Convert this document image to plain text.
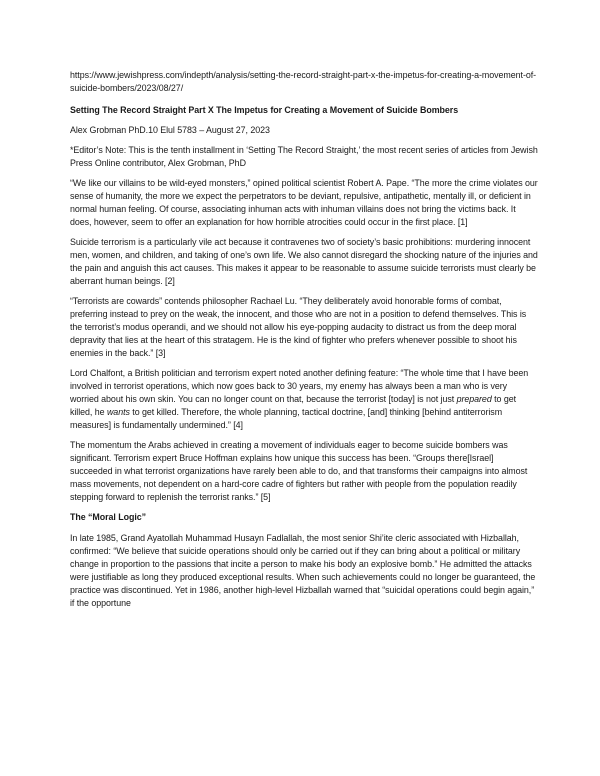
https://www.jewishpress.com/indepth/analysis/setting-the-record-straight-part-x-the-impetus-for-creating-a-movement-of-suicide-bombers/2023/08/27/
Setting The Record Straight Part X The Impetus for Creating a Movement of Suicide Bombers
Alex Grobman PhD.10 Elul 5783 – August 27, 2023

*Editor’s Note: This is the tenth installment in ‘Setting The Record Straight,’ the most recent series of articles from Jewish Press Online contributor, Alex Grobman, PhD

“We like our villains to be wild-eyed monsters,” opined political scientist Robert A. Pape. “The more the crime violates our sense of humanity, the more we expect the perpetrators to be deviant, repulsive, antipathetic, mentally ill, or deficient in normal human feeling. Of course, associating inhuman acts with inhuman villains does not bring the victims back. It does, however, seem to offer an explanation for how horrible atrocities could occur in the first place. [1]

Suicide terrorism is a particularly vile act because it contravenes two of society’s basic prohibitions: murdering innocent men, women, and children, and taking of one’s own life. We also cannot disregard the shocking nature of the injuries and the pain and anguish this act causes. This makes it appear to be reasonable to assume suicide terrorists must clearly be aberrant human beings. [2]

“Terrorists are cowards” contends philosopher Rachael Lu. “They deliberately avoid honorable forms of combat, preferring instead to prey on the weak, the innocent, and those who are not in a position to defend themselves. This is the terrorist’s modus operandi, and we should not allow his eye-popping audacity to distract us from the deep moral depravity that lies at the heart of this stratagem. He is the kind of fighter who prefers whenever possible to shoot his enemies in the back.” [3]

Lord Chalfont, a British politician and terrorism expert noted another defining feature: “The whole time that I have been involved in terrorist operations, which now goes back to 30 years, my enemy has always been a man who is very worried about his own skin. You can no longer count on that, because the terrorist [today] is not just prepared to get killed, he wants to get killed. Therefore, the whole planning, tactical doctrine, [and] thinking [behind antiterrorism measures] is fundamentally undermined.” [4]

The momentum the Arabs achieved in creating a movement of individuals eager to become suicide bombers was significant. Terrorism expert Bruce Hoffman explains how unique this success has been. “Groups there[Israel] succeeded in what terrorist organizations have rarely been able to do, and that transforms their campaigns into almost mass movements, not dependent on a hard-core cadre of fighters but rather with people from the population readily stepping forward to replenish the terrorist ranks.” [5]

The “Moral Logic”

In late 1985, Grand Ayatollah Muhammad Husayn Fadlallah, the most senior Shi’ite cleric associated with Hizballah, confirmed: “We believe that suicide operations should only be carried out if they can bring about a political or military change in proportion to the passions that incite a person to make his body an explosive bomb.” He admitted the attacks were justifiable as long they produced exceptional results. When such achievements could no longer be guaranteed, the practice was discontinued. Yet in 1986, another high-level Hizballah warned that “suicidal operations could begin again,” if the opportune
